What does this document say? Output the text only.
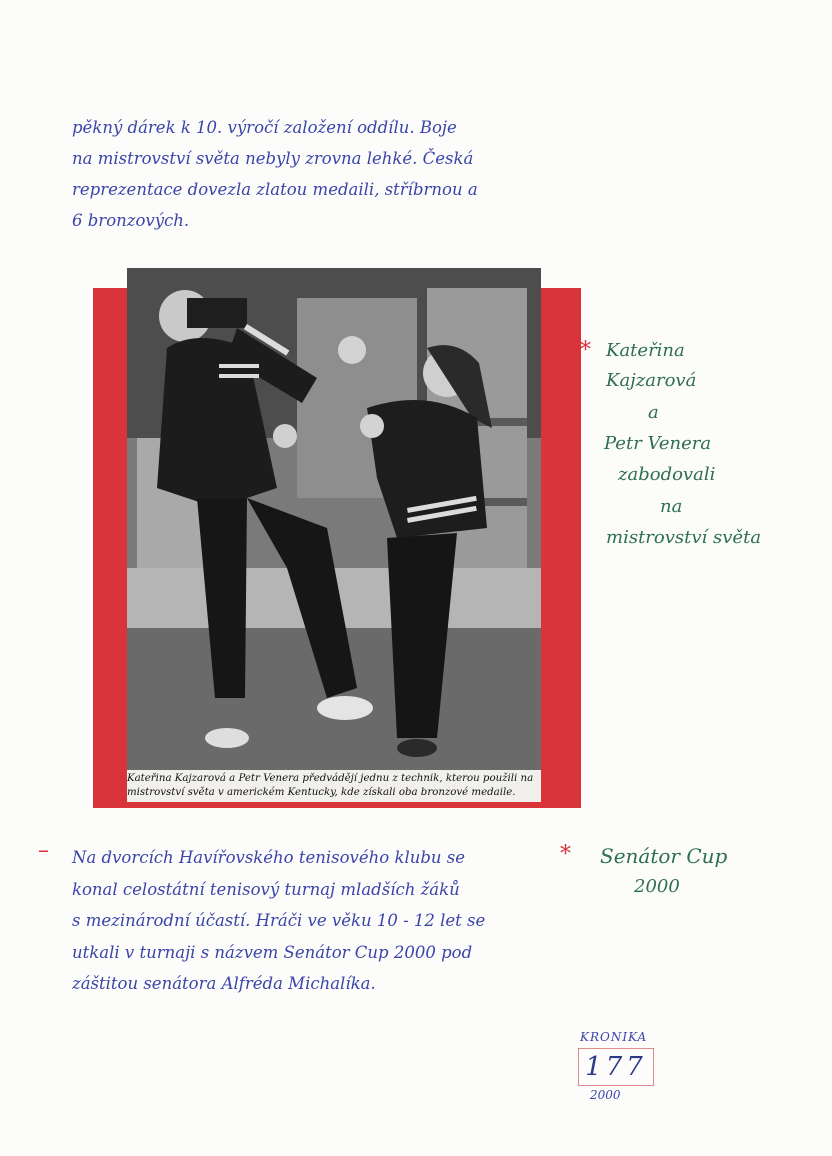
pěkný dárek k 10. výročí založení oddílu. Boje
na mistrovství světa nebyly zrovna lehké. Česká
reprezentace dovezla zlatou medaili, stříbrnou a
6 bronzových.
Kateřina Kajzarová a Petr Venera předvádějí jednu z technik, kterou použili na
mistrovství světa v americkém Kentucky, kde získali oba bronzové medaile.
* Kateřina
Kajzarová
a
Petr Venera
zabodovali
na
mistrovství světa
– Na dvorcích Havířovského tenisového klubu se
konal celostátní tenisový turnaj mladších žáků
s mezinárodní účastí. Hráči ve věku 10 - 12 let se
utkali v turnaji s názvem Senátor Cup 2000 pod
záštitou senátora Alfréda Michalíka.
* Senátor Cup
2000
KRONIKA
177
2000
